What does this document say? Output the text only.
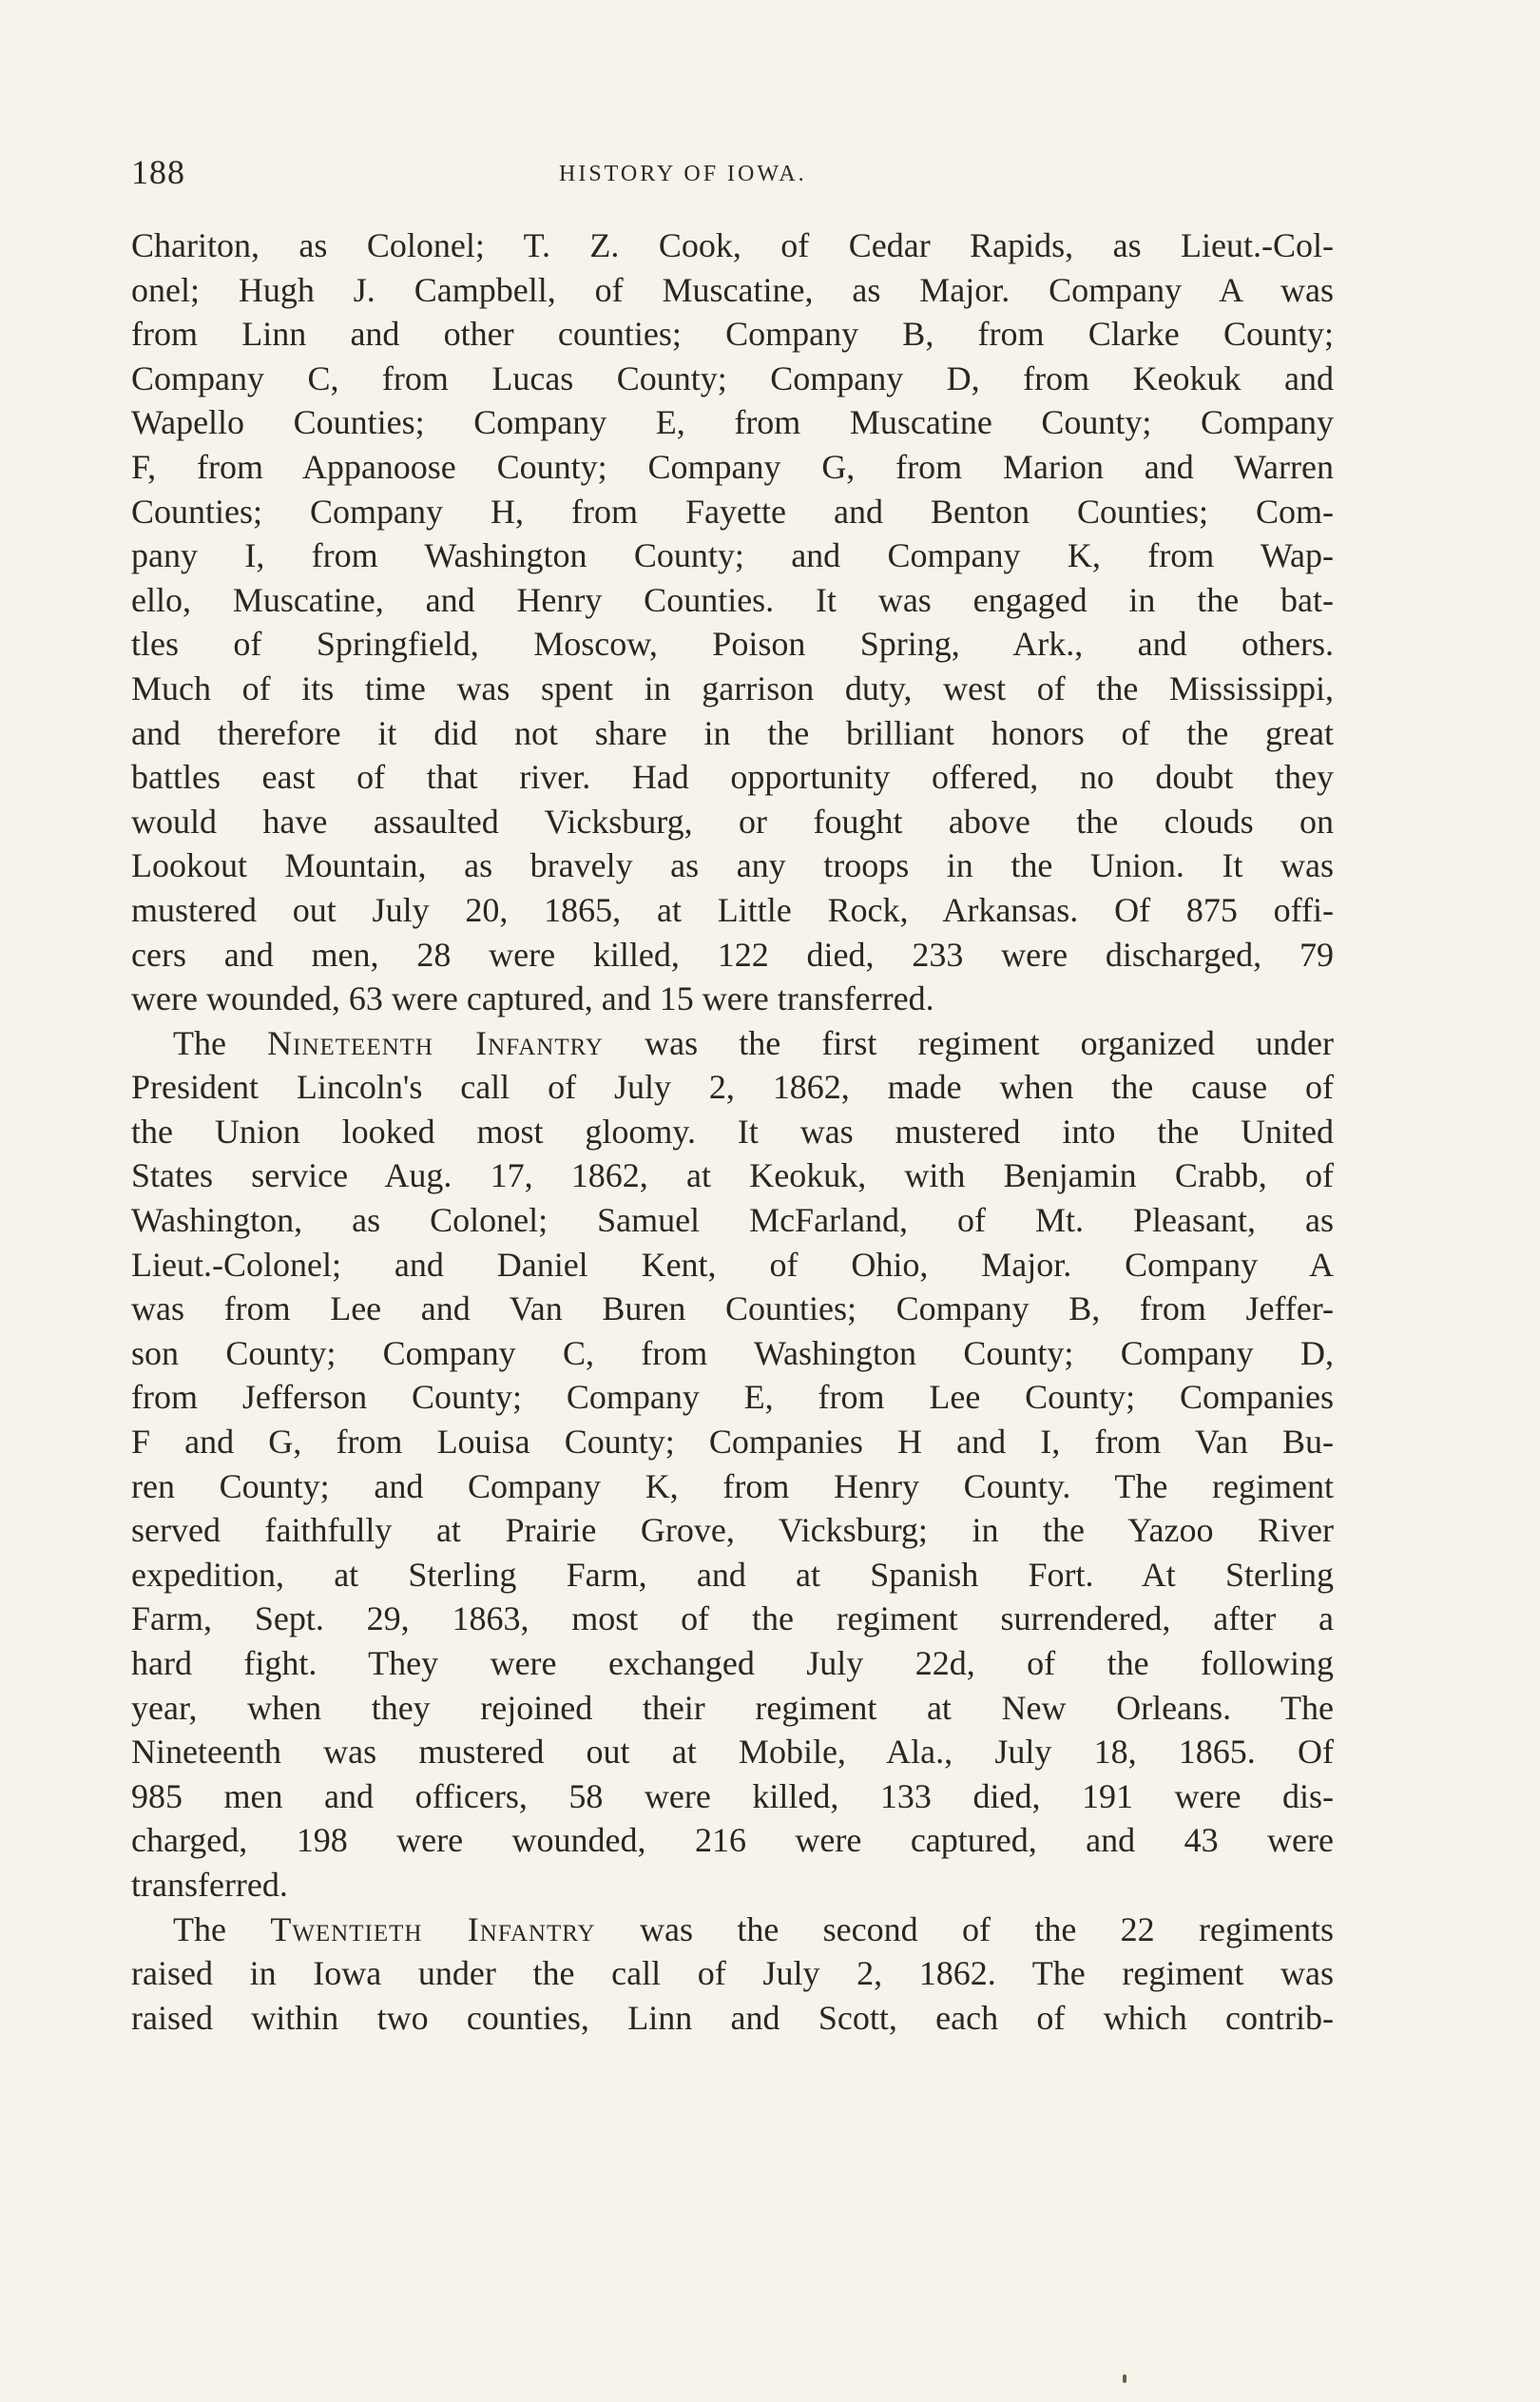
188	HISTORY OF IOWA.
Chariton, as Colonel; T. Z. Cook, of Cedar Rapids, as Lieut.-Col-
onel; Hugh J. Campbell, of Muscatine, as Major. Company A was
from Linn and other counties; Company B, from Clarke County;
Company C, from Lucas County; Company D, from Keokuk and
Wapello Counties; Company E, from Muscatine County; Company
F, from Appanoose County; Company G, from Marion and Warren
Counties; Company H, from Fayette and Benton Counties; Com-
pany I, from Washington County; and Company K, from Wap-
ello, Muscatine, and Henry Counties. It was engaged in the bat-
tles of Springfield, Moscow, Poison Spring, Ark., and others.
Much of its time was spent in garrison duty, west of the Mississippi,
and therefore it did not share in the brilliant honors of the great
battles east of that river. Had opportunity offered, no doubt they
would have assaulted Vicksburg, or fought above the clouds on
Lookout Mountain, as bravely as any troops in the Union. It was
mustered out July 20, 1865, at Little Rock, Arkansas. Of 875 offi-
cers and men, 28 were killed, 122 died, 233 were discharged, 79
were wounded, 63 were captured, and 15 were transferred.
The Nineteenth Infantry was the first regiment organized under
President Lincoln's call of July 2, 1862, made when the cause of
the Union looked most gloomy. It was mustered into the United
States service Aug. 17, 1862, at Keokuk, with Benjamin Crabb, of
Washington, as Colonel; Samuel McFarland, of Mt. Pleasant, as
Lieut.-Colonel; and Daniel Kent, of Ohio, Major. Company A
was from Lee and Van Buren Counties; Company B, from Jeffer-
son County; Company C, from Washington County; Company D,
from Jefferson County; Company E, from Lee County; Companies
F and G, from Louisa County; Companies H and I, from Van Bu-
ren County; and Company K, from Henry County. The regiment
served faithfully at Prairie Grove, Vicksburg; in the Yazoo River
expedition, at Sterling Farm, and at Spanish Fort. At Sterling
Farm, Sept. 29, 1863, most of the regiment surrendered, after a
hard fight. They were exchanged July 22d, of the following
year, when they rejoined their regiment at New Orleans. The
Nineteenth was mustered out at Mobile, Ala., July 18, 1865. Of
985 men and officers, 58 were killed, 133 died, 191 were dis-
charged, 198 were wounded, 216 were captured, and 43 were
transferred.
The Twentieth Infantry was the second of the 22 regiments
raised in Iowa under the call of July 2, 1862. The regiment was
raised within two counties, Linn and Scott, each of which contrib-
